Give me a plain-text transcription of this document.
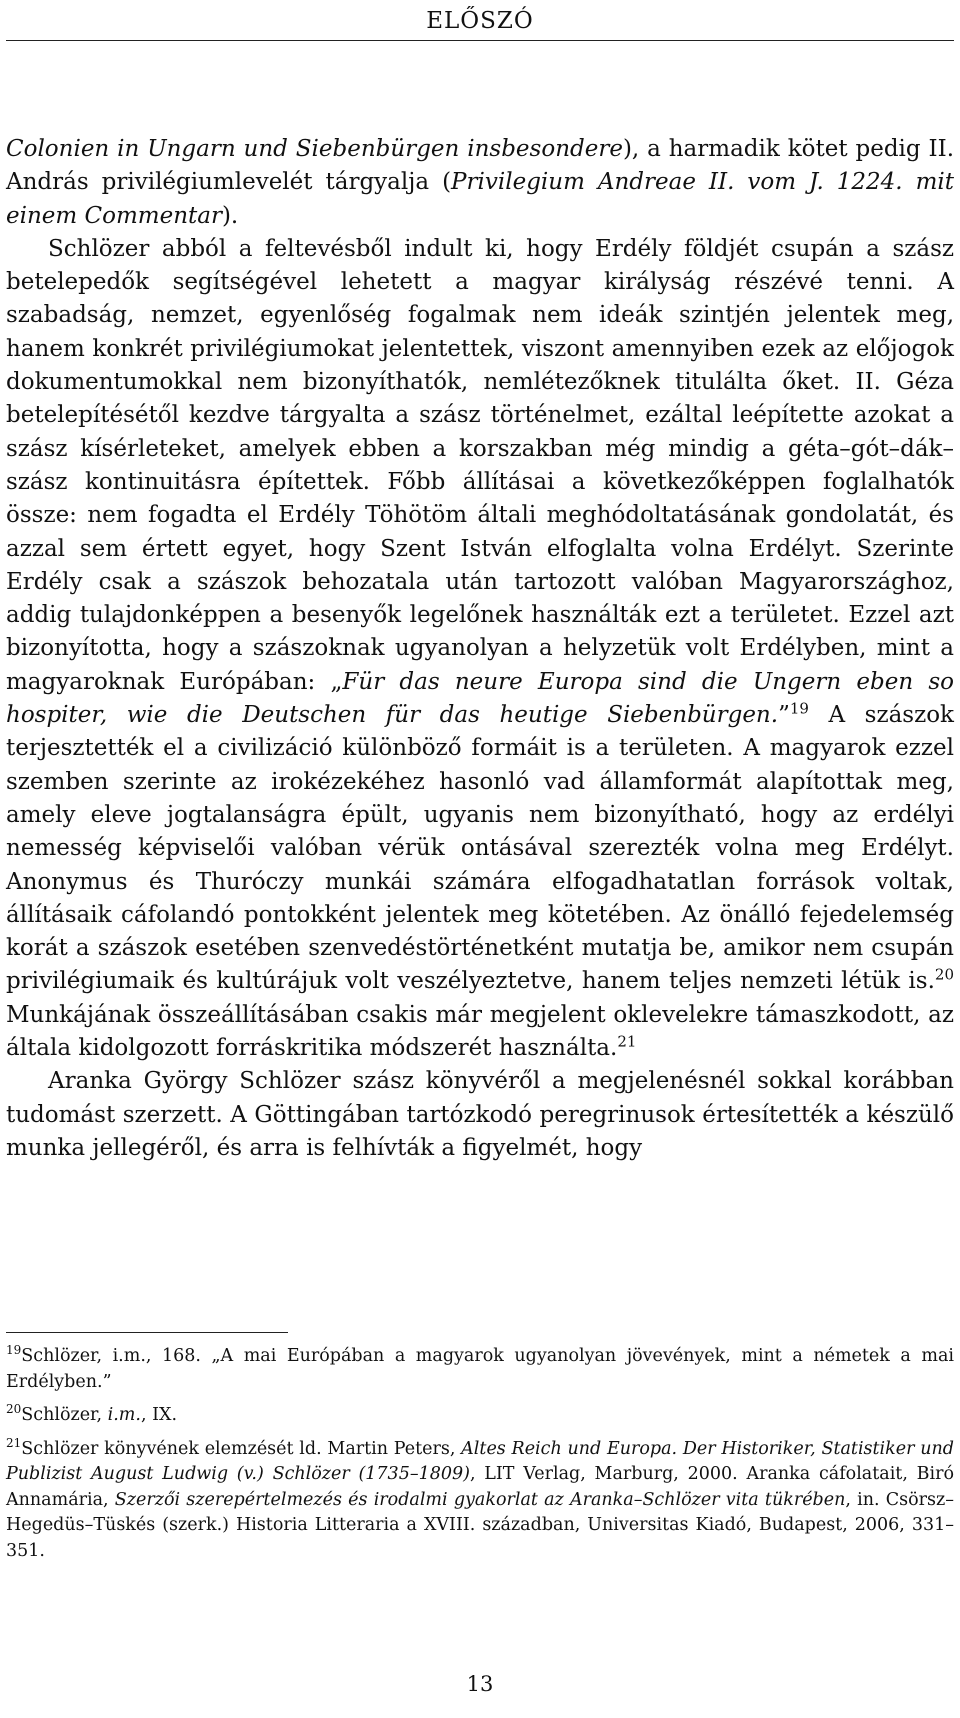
ELŐSZÓ

Colonien in Ungarn und Siebenbürgen insbesondere), a harmadik kötet pedig II. András privilégiumlevelét tárgyalja (Privilegium Andreae II. vom J. 1224. mit einem Commentar).

Schlözer abból a feltevésből indult ki, hogy Erdély földjét csupán a szász betelepedők segítségével lehetett a magyar királyság részévé tenni. A szabadság, nemzet, egyenlőség fogalmak nem ideák szintjén jelentek meg, hanem konkrét privilégiumokat jelentettek, viszont amennyiben ezek az előjogok dokumentumokkal nem bizonyíthatók, nemlétezőknek titulálta őket. II. Géza betelepítésétől kezdve tárgyalta a szász történelmet, ezáltal leépítette azokat a szász kísérleteket, amelyek ebben a korszakban még mindig a géta–gót–dák–szász kontinuitásra építettek. Főbb állításai a következőképpen foglalhatók össze: nem fogadta el Erdély Töhötöm általi meghódoltatásának gondolatát, és azzal sem értett egyet, hogy Szent István elfoglalta volna Erdélyt. Szerinte Erdély csak a szászok behozatala után tartozott valóban Magyarországhoz, addig tulajdonképpen a besenyők legelőnek használták ezt a területet. Ezzel azt bizonyította, hogy a szászoknak ugyanolyan a helyzetük volt Erdélyben, mint a magyaroknak Európában: „Für das neure Europa sind die Ungern eben so hospiter, wie die Deutschen für das heutige Siebenbürgen.”$^{19}$ A szászok terjesztették el a civilizáció különböző formáit is a területen. A magyarok ezzel szemben szerinte az irokézekéhez hasonló vad államformát alapítottak meg, amely eleve jogtalanságra épült, ugyanis nem bizonyítható, hogy az erdélyi nemesség képviselői valóban vérük ontásával szerezték volna meg Erdélyt. Anonymus és Thuróczy munkái számára elfogadhatatlan források voltak, állításaik cáfolandó pontokként jelentek meg kötetében. Az önálló fejedelemség korát a szászok esetében szenvedéstörténetként mutatja be, amikor nem csupán privilégiumaik és kultúrájuk volt veszélyeztetve, hanem teljes nemzeti létük is.$^{20}$ Munkájának összeállításában csakis már megjelent oklevelekre támaszkodott, az általa kidolgozott forráskritika módszerét használta.$^{21}$

Aranka György Schlözer szász könyvéről a megjelenésnél sokkal korábban tudomást szerzett. A Göttingában tartózkodó peregrinusok értesítették a készülő munka jellegéről, és arra is felhívták a figyelmét, hogy

$^{19}$Schlözer, i.m., 168. „A mai Európában a magyarok ugyanolyan jövevények, mint a németek a mai Erdélyben.”

$^{20}$Schlözer, i.m., IX.

$^{21}$Schlözer könyvének elemzését ld. Martin Peters, Altes Reich und Europa. Der Historiker, Statistiker und Publizist August Ludwig (v.) Schlözer (1735–1809), LIT Verlag, Marburg, 2000. Aranka cáfolatait, Biró Annamária, Szerzői szerepértelmezés és irodalmi gyakorlat az Aranka–Schlözer vita tükrében, in. Csörsz–Hegedüs–Tüskés (szerk.) Historia Litteraria a XVIII. században, Universitas Kiadó, Budapest, 2006, 331–351.

13
